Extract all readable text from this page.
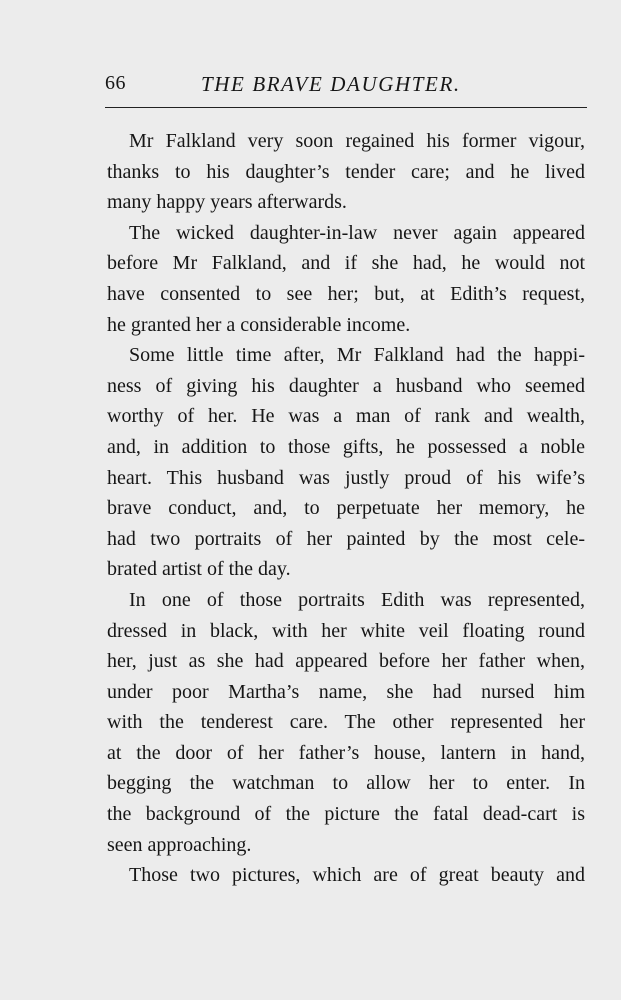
66	THE BRAVE DAUGHTER.
Mr Falkland very soon regained his former vigour,
thanks to his daughter’s tender care; and he lived
many happy years afterwards.
The wicked daughter-in-law never again appeared
before Mr Falkland, and if she had, he would not
have consented to see her; but, at Edith’s request,
he granted her a considerable income.
Some little time after, Mr Falkland had the happi-
ness of giving his daughter a husband who seemed
worthy of her. He was a man of rank and wealth,
and, in addition to those gifts, he possessed a noble
heart. This husband was justly proud of his wife’s
brave conduct, and, to perpetuate her memory, he
had two portraits of her painted by the most cele-
brated artist of the day.
In one of those portraits Edith was represented,
dressed in black, with her white veil floating round
her, just as she had appeared before her father when,
under poor Martha’s name, she had nursed him
with the tenderest care. The other represented her
at the door of her father’s house, lantern in hand,
begging the watchman to allow her to enter. In
the background of the picture the fatal dead-cart is
seen approaching.
Those two pictures, which are of great beauty and
